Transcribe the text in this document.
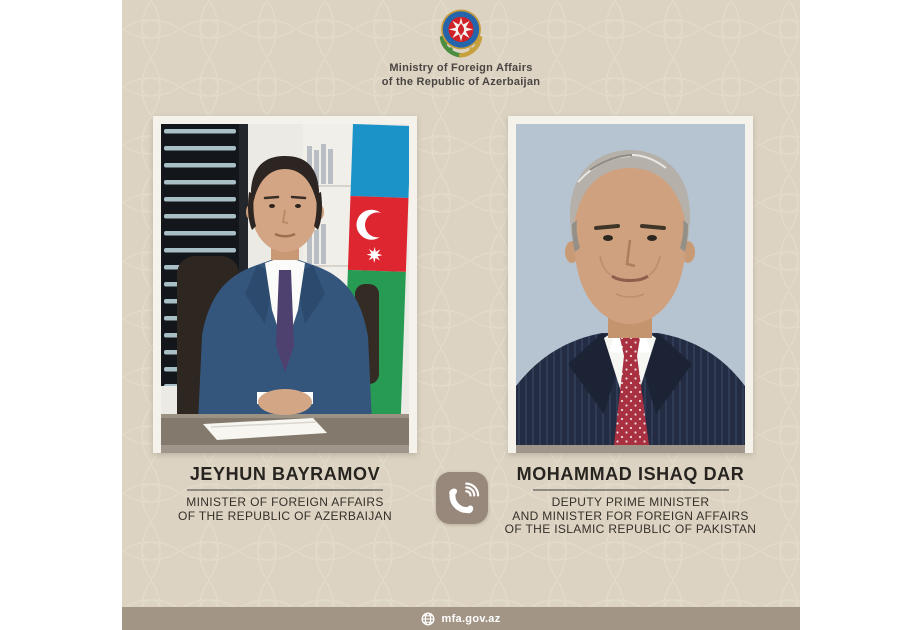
Ministry of Foreign Affairs
of the Republic of Azerbaijan
JEYHUN BAYRAMOV
MINISTER OF FOREIGN AFFAIRS
OF THE REPUBLIC OF AZERBAIJAN
MOHAMMAD ISHAQ DAR
DEPUTY PRIME MINISTER
AND MINISTER FOR FOREIGN AFFAIRS
OF THE ISLAMIC REPUBLIC OF PAKISTAN
mfa.gov.az
